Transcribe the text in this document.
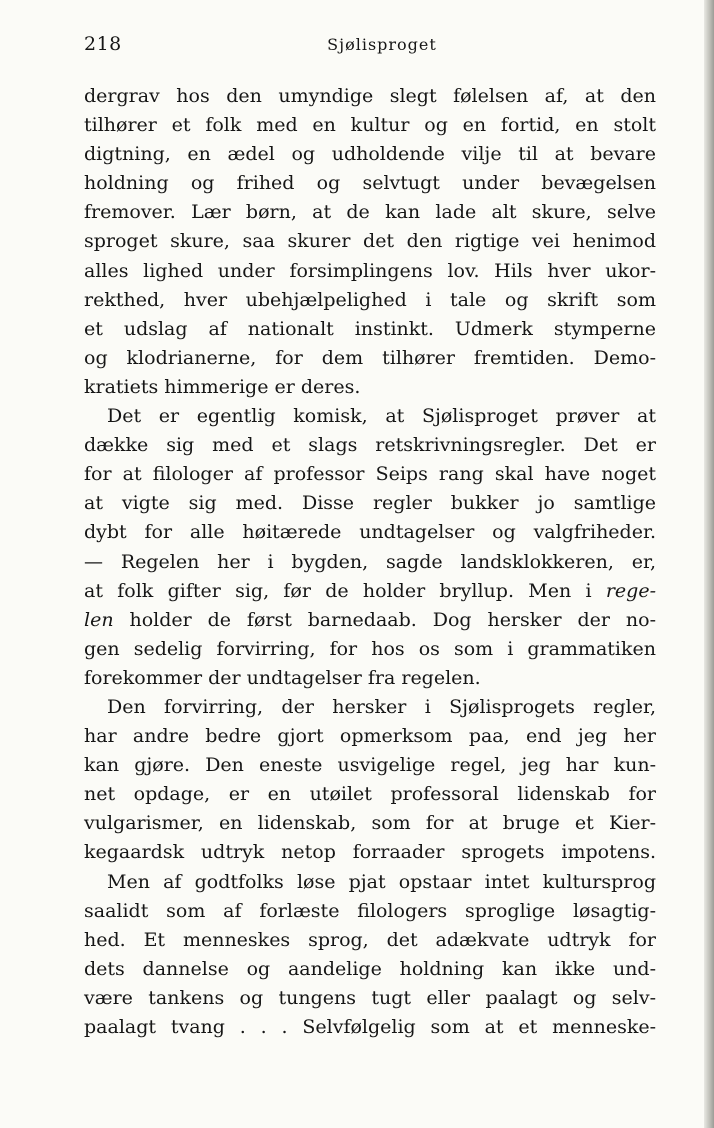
218	Sjølisproget
dergrav hos den umyndige slegt følelsen af, at den
tilhører et folk med en kultur og en fortid, en stolt
digtning, en ædel og udholdende vilje til at bevare
holdning og frihed og selvtugt under bevægelsen
fremover. Lær børn, at de kan lade alt skure, selve
sproget skure, saa skurer det den rigtige vei henimod
alles lighed under forsimplingens lov. Hils hver ukor-
rekthed, hver ubehjælpelighed i tale og skrift som
et udslag af nationalt instinkt. Udmerk stymperne
og klodrianerne, for dem tilhører fremtiden. Demo-
kratiets himmerige er deres.
Det er egentlig komisk, at Sjølisproget prøver at
dække sig med et slags retskrivningsregler. Det er
for at filologer af professor Seips rang skal have noget
at vigte sig med. Disse regler bukker jo samtlige
dybt for alle høitærede undtagelser og valgfriheder.
— Regelen her i bygden, sagde landsklokkeren, er,
at folk gifter sig, før de holder bryllup. Men i rege-
len holder de først barnedaab. Dog hersker der no-
gen sedelig forvirring, for hos os som i grammatiken
forekommer der undtagelser fra regelen.
Den forvirring, der hersker i Sjølisprogets regler,
har andre bedre gjort opmerksom paa, end jeg her
kan gjøre. Den eneste usvigelige regel, jeg har kun-
net opdage, er en utøilet professoral lidenskab for
vulgarismer, en lidenskab, som for at bruge et Kier-
kegaardsk udtryk netop forraader sprogets impotens.
Men af godtfolks løse pjat opstaar intet kultursprog
saalidt som af forlæste filologers sproglige løsagtig-
hed. Et menneskes sprog, det adækvate udtryk for
dets dannelse og aandelige holdning kan ikke und-
være tankens og tungens tugt eller paalagt og selv-
paalagt tvang . . . Selvfølgelig som at et menneske-
